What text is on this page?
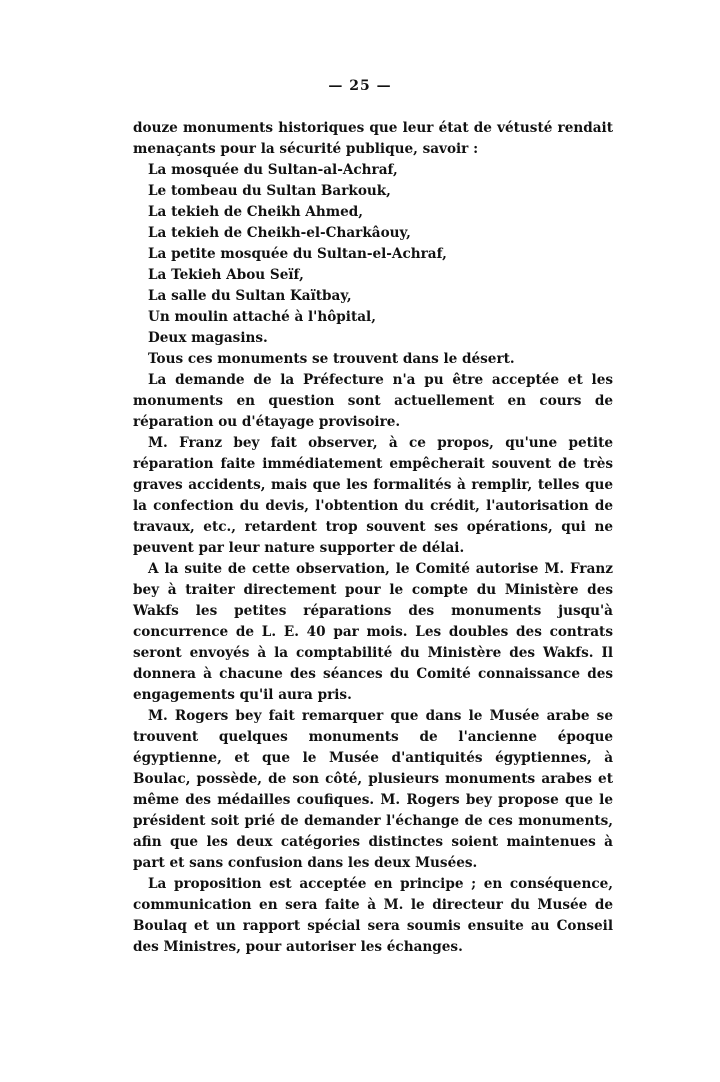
— 25 —

douze monuments historiques que leur état de vétusté rendait menaçants pour la sécurité publique, savoir :

La mosquée du Sultan-al-Achraf,

Le tombeau du Sultan Barkouk,

La tekieh de Cheikh Ahmed,

La tekieh de Cheikh-el-Charkâouy,

La petite mosquée du Sultan-el-Achraf,

La Tekieh Abou Seïf,

La salle du Sultan Kaïtbay,

Un moulin attaché à l'hôpital,

Deux magasins.

Tous ces monuments se trouvent dans le désert.

La demande de la Préfecture n'a pu être acceptée et les monuments en question sont actuellement en cours de réparation ou d'étayage provisoire.

M. Franz bey fait observer, à ce propos, qu'une petite réparation faite immédiatement empêcherait souvent de très graves accidents, mais que les formalités à remplir, telles que la confection du devis, l'obtention du crédit, l'autorisation de travaux, etc., retardent trop souvent ses opérations, qui ne peuvent par leur nature supporter de délai.

A la suite de cette observation, le Comité autorise M. Franz bey à traiter directement pour le compte du Ministère des Wakfs les petites réparations des monuments jusqu'à concurrence de L. E. 40 par mois. Les doubles des contrats seront envoyés à la comptabilité du Ministère des Wakfs. Il donnera à chacune des séances du Comité connaissance des engagements qu'il aura pris.

M. Rogers bey fait remarquer que dans le Musée arabe se trouvent quelques monuments de l'ancienne époque égyptienne, et que le Musée d'antiquités égyptiennes, à Boulac, possède, de son côté, plusieurs monuments arabes et même des médailles coufiques. M. Rogers bey propose que le président soit prié de demander l'échange de ces monuments, afin que les deux catégories distinctes soient maintenues à part et sans confusion dans les deux Musées.

La proposition est acceptée en principe ; en conséquence, communication en sera faite à M. le directeur du Musée de Boulaq et un rapport spécial sera soumis ensuite au Conseil des Ministres, pour autoriser les échanges.
